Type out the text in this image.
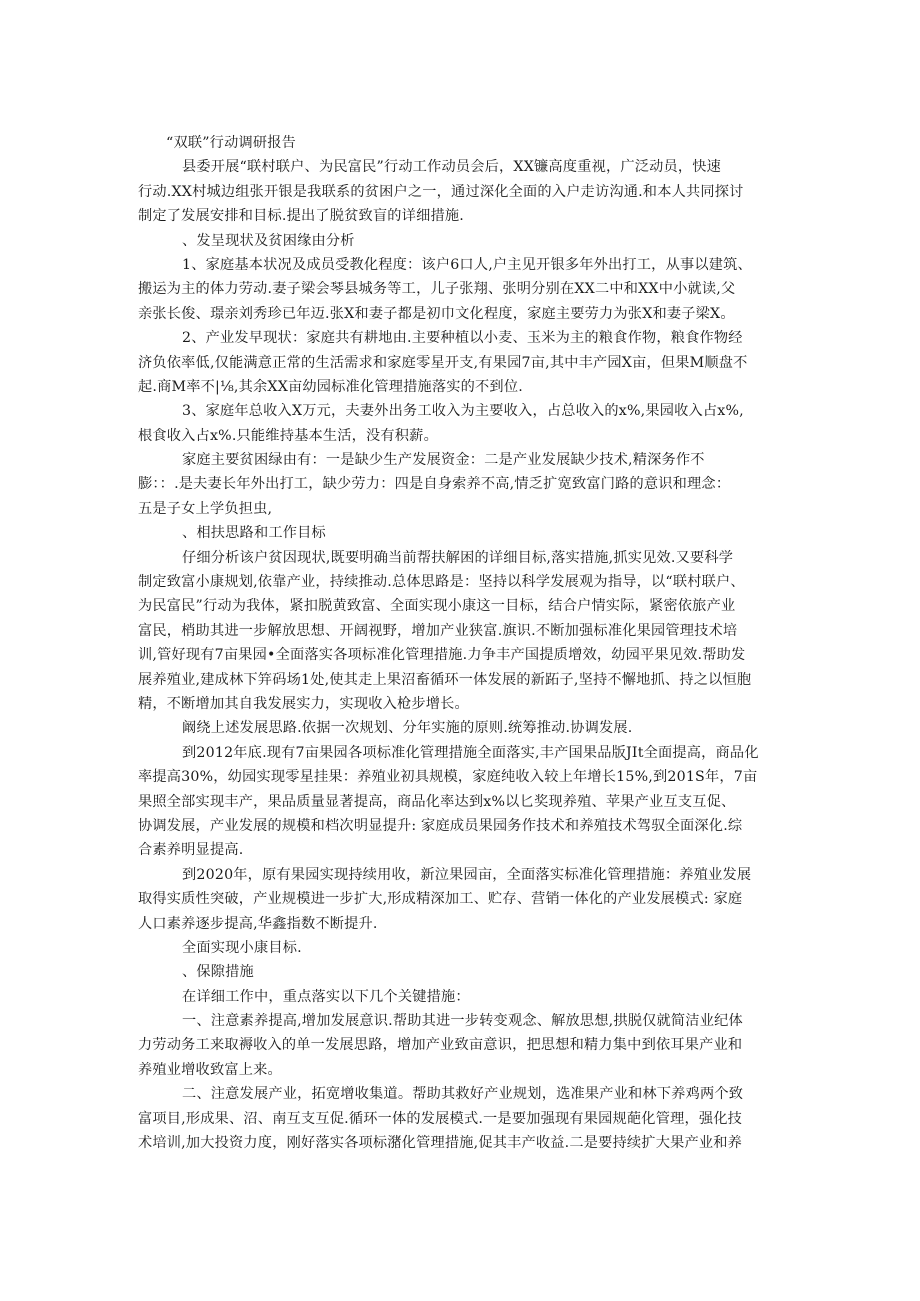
“双联”行动调研报告
县委开展“联村联户、为民富民”行动工作动员会后，XX镰高度重视，广泛动员，快速
行动.XX村城边组张开银是我联系的贫困户之一，通过深化全面的入户走访沟通.和本人共同探讨
制定了发展安排和目标.提出了脱贫致盲的详细措施.
、发呈现状及贫困缘由分析
1、家庭基本状况及成员受教化程度：该户6口人,户主见开银多年外出打工，从事以建筑、
搬运为主的体力劳动.妻子梁会琴县城务等工，儿子张翔、张明分别在XX二中和XX中小就读,父
亲张长俊、璟亲刘秀珍已年迈.张X和妻子都是初巾文化程度，家庭主要劳力为张X和妻子梁X。
2、产业发早现状：家庭共有耕地由.主要种植以小麦、玉米为主的粮食作物，粮食作物经
济负依率低,仅能满意正常的生活需求和家庭零星开支,有果园7亩,其中丰产园X亩，但果M顺盘不
起.商M率不|⅛,其余XX亩幼园标准化管理措施落实的不到位.
3、家庭年总收入X万元，夫妻外出务工收入为主要收入，占总收入的x%,果园收入占x%,
根食收入占x%.只能维持基本生活，没有积薪。
家庭主要贫困绿由有：一是缺少生产发展资金：二是产业发展缺少技术,精深务作不
膨：：.是夫妻长年外出打工，缺少劳力：四是自身索养不高,情乏扩宽致富门路的意识和理念：
五是子女上学负担虫,
、相扶思路和工作目标
仔细分析该户贫因现状,既要明确当前帮扶解困的详细目标,落实措施,抓实见效.又要科学
制定致富小康规划,依靠产业，持续推动.总体思路是：坚持以科学发展观为指导，以“联村联户、
为民富民”行动为我体，紧扣脱黄致富、全面实现小康这一目标，结合户情实际，紧密依旅产业
富民，梢助其进一步解放思想、开阔视野，增加产业狭富.旗识.不断加强标准化果园管理技术培
训,管好现有7亩果园•全面落实各项标准化管理措施.力争丰产国提质增效，幼园平果见效.帮助发
展养殖业,建成林下笄码场1处,使其走上果沼畜循环一体发展的新跖子,坚持不懈地抓、持之以恒胞
精，不断增加其自我发展实力，实现收入枪步增长。
阚绕上述发展思路.依据一次规划、分年实施的原则.统筹推动.协调发展.
到2012年底.现有7亩果园各项标准化管理措施全面落实,丰产国果品版JIt全面提高，商品化
率提高30%，幼园实现零星挂果：养殖业初具规模，家庭纯收入较上年增长15%,到201S年，7亩
果照全部实现丰产，果品质量显著提高，商品化率达到x%以匕奖现养殖、苹果产业互支互促、
协调发展，产业发展的规模和档次明显提升: 家庭成员果园务作技术和养殖技术驾驭全面深化.综
合素养明显提高.
到2020年，原有果园实现持续用收，新泣果园亩，全面落实标准化管理措施：养殖业发展
取得实质性突破，产业规模进一步扩大,形成精深加工、贮存、营销一体化的产业发展模式: 家庭
人口素养逐步提高,华鑫指数不断提升.
全面实现小康目标.
、保隙措施
在详细工作中，重点落实以下几个关键措施：
一、注意素养提高,增加发展意识.帮助其进一步转变观念、解放思想,拱脱仅就简洁业纪体
力劳动务工来取褥收入的单一发展思路，增加产业致亩意识，把思想和精力集中到依耳果产业和
养殖业增收致富上来。
二、注意发展产业，拓宽增收集道。帮助其救好产业规划，选准果产业和林下养鸡两个致
富项目,形成果、沼、南互支互促.循环一体的发展模式.一是要加强现有果园规葩化管理，强化技
术培训,加大投资力度，刚好落实各项标潴化管理措施,促其丰产收益.二是要持续扩大果产业和养
